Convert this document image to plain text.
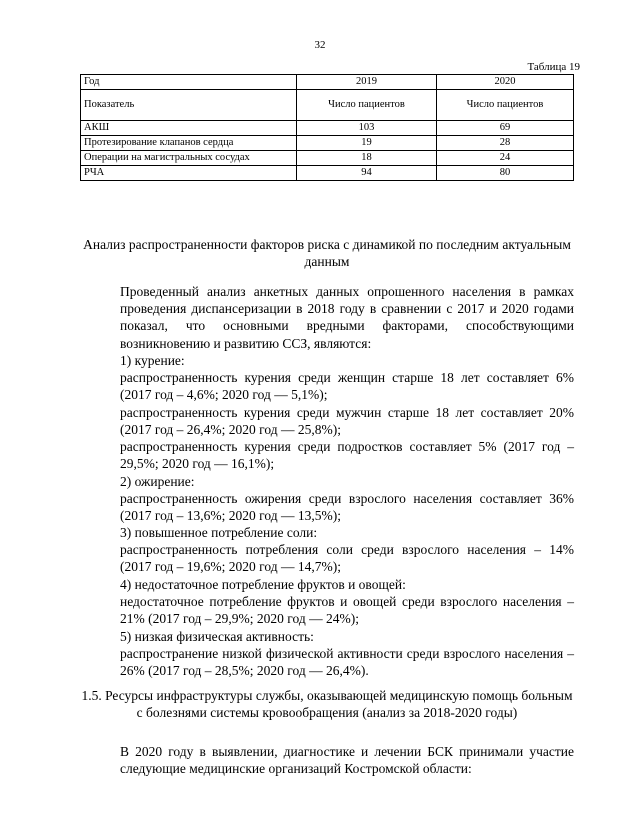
32
Таблица 19
Год	2019	2020
Показатель	Число пациентов	Число пациентов
АКШ	103	69
Протезирование клапанов сердца	19	28
Операции на магистральных сосудах	18	24
РЧА	94	80
Анализ распространенности факторов риска с динамикой по последним актуальным данным
Проведенный анализ анкетных данных опрошенного населения в рамках проведения диспансеризации в 2018 году в сравнении с 2017 и 2020 годами показал, что основными вредными факторами, способствующими возникновению и развитию ССЗ, являются:
1) курение:
распространенность курения среди женщин старше 18 лет составляет 6% (2017 год – 4,6%; 2020 год — 5,1%);
распространенность курения среди мужчин старше 18 лет составляет 20% (2017 год – 26,4%; 2020 год — 25,8%);
распространенность курения среди подростков составляет 5% (2017 год – 29,5%; 2020 год — 16,1%);
2) ожирение:
распространенность ожирения среди взрослого населения составляет 36% (2017 год – 13,6%; 2020 год — 13,5%);
3) повышенное потребление соли:
распространенность потребления соли среди взрослого населения – 14% (2017 год – 19,6%; 2020 год — 14,7%);
4) недостаточное потребление фруктов и овощей:
недостаточное потребление фруктов и овощей среди взрослого населения – 21% (2017 год – 29,9%; 2020 год — 24%);
5) низкая физическая активность:
распространение низкой физической активности среди взрослого населения – 26% (2017 год – 28,5%; 2020 год — 26,4%).
1.5. Ресурсы инфраструктуры службы, оказывающей медицинскую помощь больным с болезнями системы кровообращения (анализ за 2018-2020 годы)
В 2020 году в выявлении, диагностике и лечении БСК принимали участие следующие медицинские организаций Костромской области:
